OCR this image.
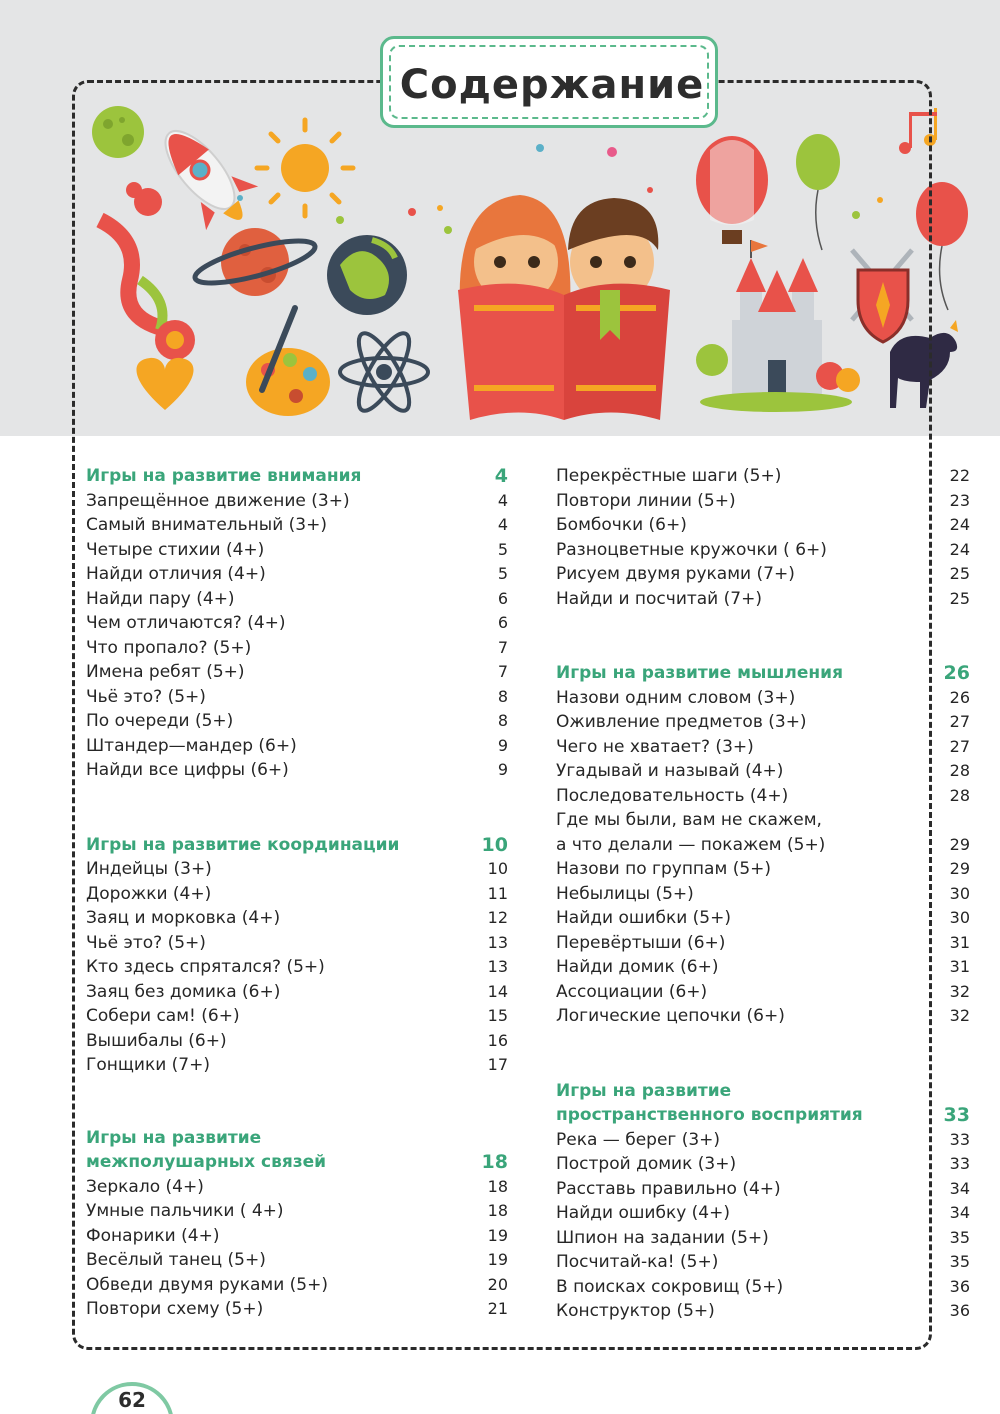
Содержание
Игры на развитие внимания	4
Запрещённое движение (3+)	4
Самый внимательный (3+)	4
Четыре стихии (4+)	5
Найди отличия (4+)	5
Найди пару (4+)	6
Чем отличаются? (4+)	6
Что пропало? (5+)	7
Имена ребят (5+)	7
Чьё это? (5+)	8
По очереди (5+)	8
Штандер—мандер (6+)	9
Найди все цифры (6+)	9
Игры на развитие координации	10
Индейцы (3+)	10
Дорожки (4+)	11
Заяц и морковка (4+)	12
Чьё это? (5+)	13
Кто здесь спрятался? (5+)	13
Заяц без домика (6+)	14
Собери сам! (6+)	15
Вышибалы (6+)	16
Гонщики (7+)	17
Игры на развитие
межполушарных связей	18
Зеркало (4+)	18
Умные пальчики ( 4+)	18
Фонарики (4+)	19
Весёлый танец (5+)	19
Обведи двумя руками (5+)	20
Повтори схему (5+)	21
Перекрёстные шаги (5+)	22
Повтори линии (5+)	23
Бомбочки (6+)	24
Разноцветные кружочки ( 6+)	24
Рисуем двумя руками (7+)	25
Найди и посчитай (7+)	25
Игры на развитие мышления	26
Назови одним словом (3+)	26
Оживление предметов (3+)	27
Чего не хватает? (3+)	27
Угадывай и называй (4+)	28
Последовательность (4+)	28
Где мы были, вам не скажем, а что делали — покажем (5+)	29
Назови по группам (5+)	29
Небылицы (5+)	30
Найди ошибки (5+)	30
Перевёртыши (6+)	31
Найди домик (6+)	31
Ассоциации (6+)	32
Логические цепочки (6+)	32
Игры на развитие
пространственного восприятия	33
Река — берег (3+)	33
Построй домик (3+)	33
Расставь правильно (4+)	34
Найди ошибку (4+)	34
Шпион на задании (5+)	35
Посчитай-ка! (5+)	35
В поисках сокровищ (5+)	36
Конструктор (5+)	36
62
